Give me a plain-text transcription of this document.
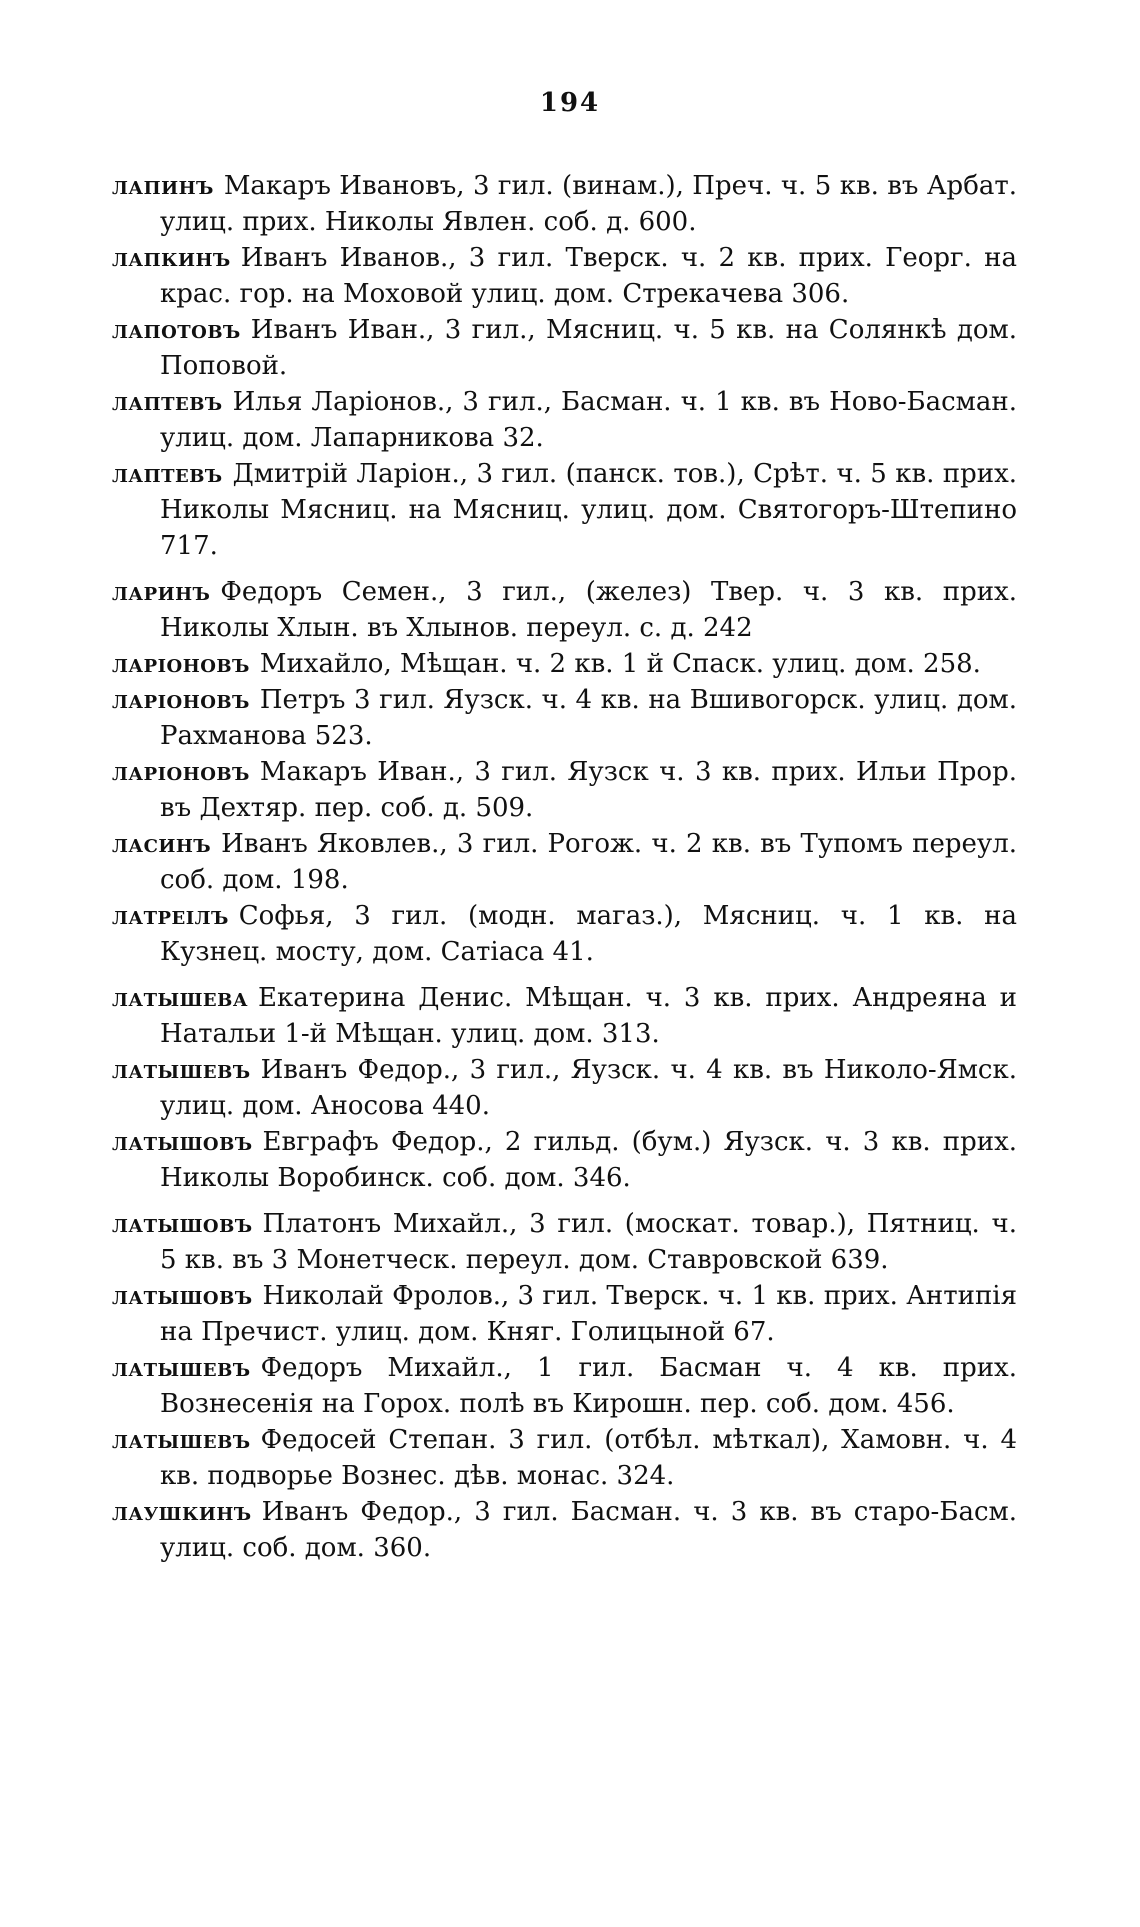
194

лапинъ Макаръ Ивановъ, 3 гил. (винам.), Преч. ч. 5 кв. въ Арбат. улиц. прих. Николы Явлен. соб. д. 600.

лапкинъ Иванъ Иванов., 3 гил. Тверск. ч. 2 кв. прих. Георг. на крас. гор. на Моховой улиц. дом. Стрекачева 306.

лапотовъ Иванъ Иван., 3 гил., Мясниц. ч. 5 кв. на Солянкѣ дом. Поповой.

лаптевъ Илья Ларіонов., 3 гил., Басман. ч. 1 кв. въ Ново-Басман. улиц. дом. Лапарникова 32.

лаптевъ Дмитрій Ларіон., 3 гил. (панск. тов.), Срѣт. ч. 5 кв. прих. Николы Мясниц. на Мясниц. улиц. дом. Святогоръ-Штепино 717.

ларинъ Федоръ Семен., 3 гил., (желез) Твер. ч. 3 кв. прих. Николы Хлын. въ Хлынов. переул. с. д. 242

ларіоновъ Михайло, Мѣщан. ч. 2 кв. 1 й Спаск. улиц. дом. 258.

ларіоновъ Петръ 3 гил. Яузск. ч. 4 кв. на Вшивогорск. улиц. дом. Рахманова 523.

ларіоновъ Макаръ Иван., 3 гил. Яузск ч. 3 кв. прих. Ильи Прор. въ Дехтяр. пер. соб. д. 509.

ласинъ Иванъ Яковлев., 3 гил. Рогож. ч. 2 кв. въ Тупомъ переул. соб. дом. 198.

латреілъ Софья, 3 гил. (модн. магаз.), Мясниц. ч. 1 кв. на Кузнец. мосту, дом. Сатіаса 41.

латышева Екатерина Денис. Мѣщан. ч. 3 кв. прих. Андреяна и Натальи 1-й Мѣщан. улиц. дом. 313.

латышевъ Иванъ Федор., 3 гил., Яузск. ч. 4 кв. въ Николо-Ямск. улиц. дом. Аносова 440.

латышовъ Евграфъ Федор., 2 гильд. (бум.) Яузск. ч. 3 кв. прих. Николы Воробинск. соб. дом. 346.

латышовъ Платонъ Михайл., 3 гил. (москат. товар.), Пятниц. ч. 5 кв. въ 3 Монетческ. переул. дом. Ставровской 639.

латышовъ Николай Фролов., 3 гил. Тверск. ч. 1 кв. прих. Антипія на Пречист. улиц. дом. Княг. Голицыной 67.

латышевъ Федоръ Михайл., 1 гил. Басман ч. 4 кв. прих. Вознесенія на Горох. полѣ въ Кирошн. пер. соб. дом. 456.

латышевъ Федосей Степан. 3 гил. (отбѣл. мѣткал), Хамовн. ч. 4 кв. подворье Вознес. дѣв. монас. 324.

лаушкинъ Иванъ Федор., 3 гил. Басман. ч. 3 кв. въ старо-Басм. улиц. соб. дом. 360.
